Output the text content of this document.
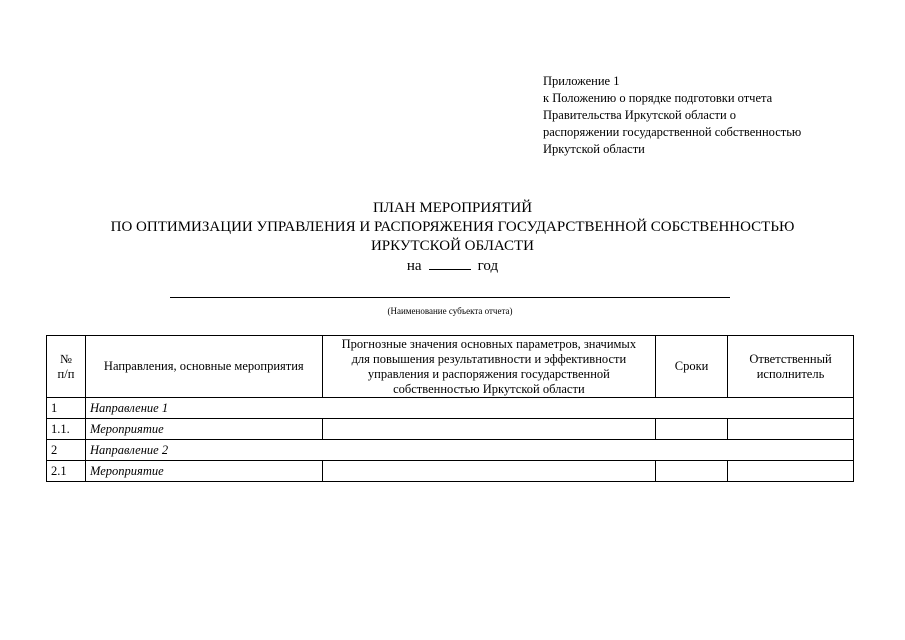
Приложение 1
к Положению о порядке подготовки отчета
Правительства Иркутской области о
распоряжении государственной собственностью
Иркутской области
ПЛАН МЕРОПРИЯТИЙ
ПО ОПТИМИЗАЦИИ УПРАВЛЕНИЯ И РАСПОРЯЖЕНИЯ ГОСУДАРСТВЕННОЙ СОБСТВЕННОСТЬЮ
ИРКУТСКОЙ ОБЛАСТИ
на	год
(Наименование субъекта отчета)
№
п/п	Направления, основные мероприятия	Прогнозные значения основных параметров, значимых
для повышения результативности и эффективности
управления и распоряжения государственной
собственностью Иркутской области	Сроки	Ответственный
исполнитель
1	Направление 1			
1.1.	Мероприятие			
2	Направление 2			
2.1	Мероприятие			
